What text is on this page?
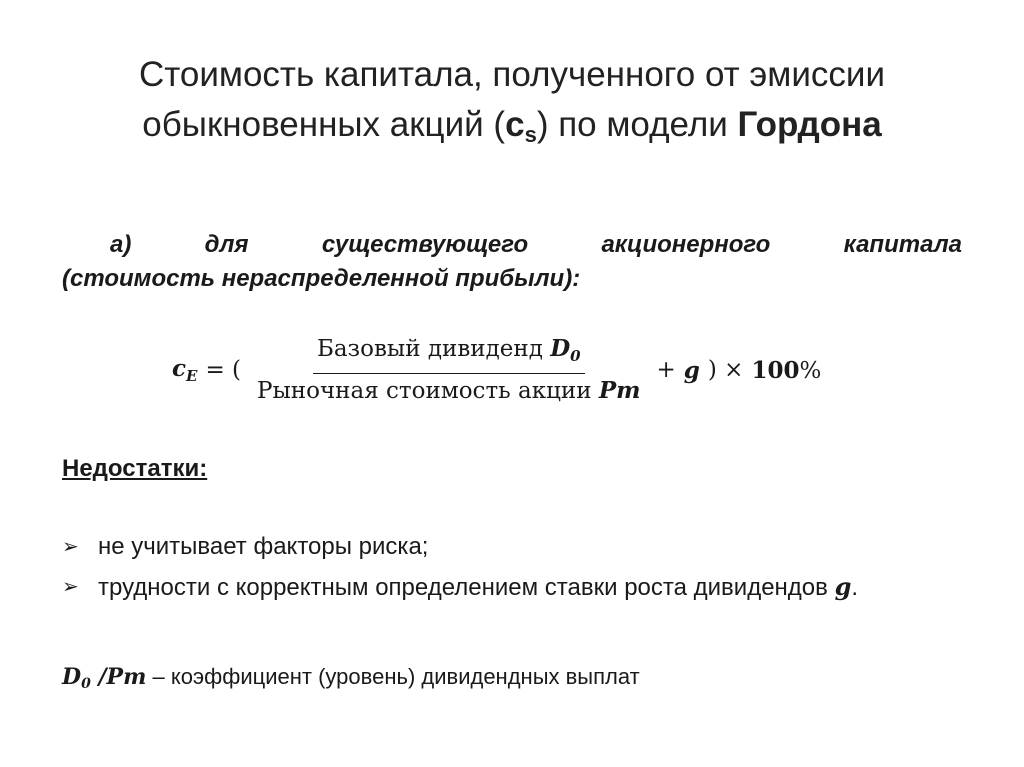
Стоимость капитала, полученного от эмиссии
обыкновенных акций $(c_s)$ по модели Гордона
а)	для	существующего	акционерного	капитала
(стоимость нераспределенной прибыли):
$c_E$ = ( $\frac{Базовый дивиденд D_0}{\text{Рыночная стоимость акции Pm}} + g$ ) × 100%
Недостатки:
➢ не учитывает факторы риска;
➢ трудности с корректным определением ставки роста дивидендов g.
D0 /Pm – коэффициент (уровень) дивидендных выплат
